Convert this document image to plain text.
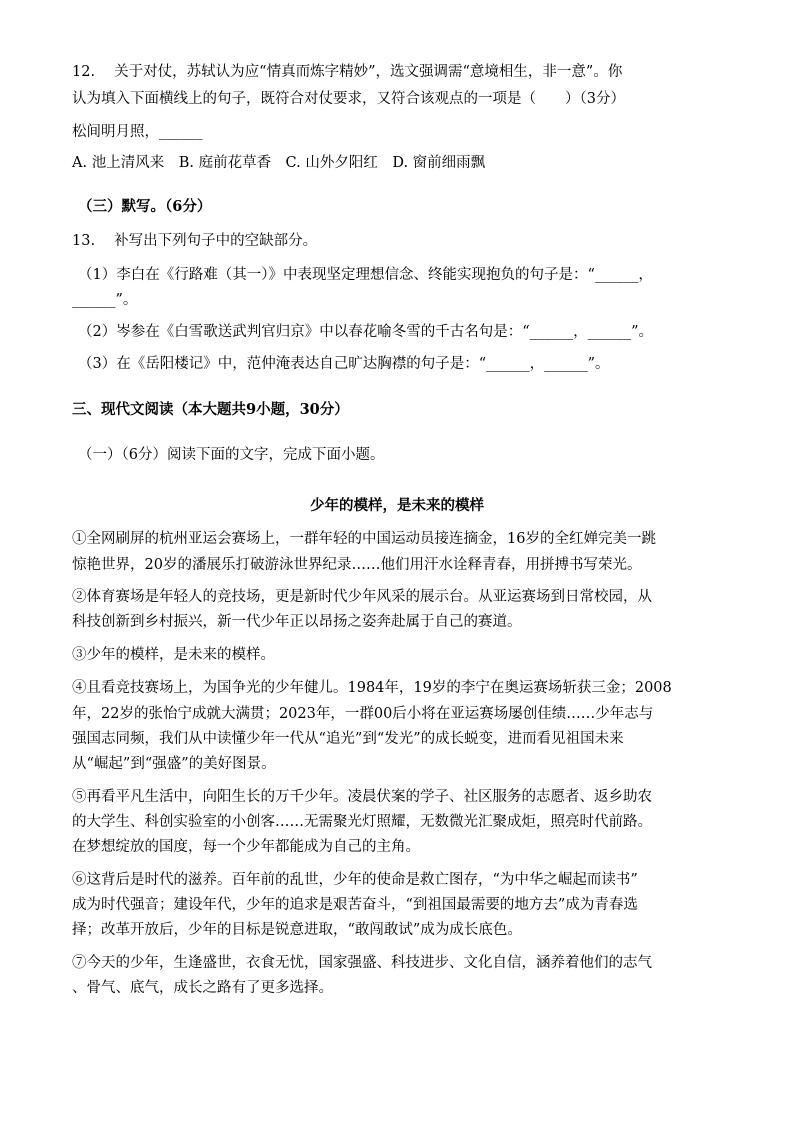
12.　 关于对仗，苏轼认为应“情真而炼字精妙”，选文强调需“意境相生，非一意”。你
认为填入下面横线上的句子，既符合对仗要求，又符合该观点的一项是（　　）（3分）
松间明月照，______
A. 池上清风来　B. 庭前花草香　C. 山外夕阳红　D. 窗前细雨飘
（三）默写。（6分）
13.　 补写出下列句子中的空缺部分。
（1）李白在《行路难（其一）》中表现坚定理想信念、终能实现抱负的句子是：“______，
______”。
（2）岑参在《白雪歌送武判官归京》中以春花喻冬雪的千古名句是：“______，______”。
（3）在《岳阳楼记》中，范仲淹表达自己旷达胸襟的句子是：“______，______”。
三、现代文阅读（本大题共9小题，30分）
（一）（6分）阅读下面的文字，完成下面小题。
少年的模样，是未来的模样
①全网刷屏的杭州亚运会赛场上，一群年轻的中国运动员接连摘金，16岁的全红婵完美一跳
惊艳世界，20岁的潘展乐打破游泳世界纪录……他们用汗水诠释青春，用拼搏书写荣光。
②体育赛场是年轻人的竞技场，更是新时代少年风采的展示台。从亚运赛场到日常校园，从
科技创新到乡村振兴，新一代少年正以昂扬之姿奔赴属于自己的赛道。
③少年的模样，是未来的模样。
④且看竞技赛场上，为国争光的少年健儿。1984年，19岁的李宁在奥运赛场斩获三金；2008
年，22岁的张怡宁成就大满贯；2023年，一群00后小将在亚运赛场屡创佳绩……少年志与
强国志同频，我们从中读懂少年一代从“追光”到“发光”的成长蜕变，进而看见祖国未来
从“崛起”到“强盛”的美好图景。
⑤再看平凡生活中，向阳生长的万千少年。凌晨伏案的学子、社区服务的志愿者、返乡助农
的大学生、科创实验室的小创客……无需聚光灯照耀，无数微光汇聚成炬，照亮时代前路。
在梦想绽放的国度，每一个少年都能成为自己的主角。
⑥这背后是时代的滋养。百年前的乱世，少年的使命是救亡图存，“为中华之崛起而读书”
成为时代强音；建设年代，少年的追求是艰苦奋斗，“到祖国最需要的地方去”成为青春选
择；改革开放后，少年的目标是锐意进取，“敢闯敢试”成为成长底色。
⑦今天的少年，生逢盛世，衣食无忧，国家强盛、科技进步、文化自信，涵养着他们的志气
、骨气、底气，成长之路有了更多选择。
